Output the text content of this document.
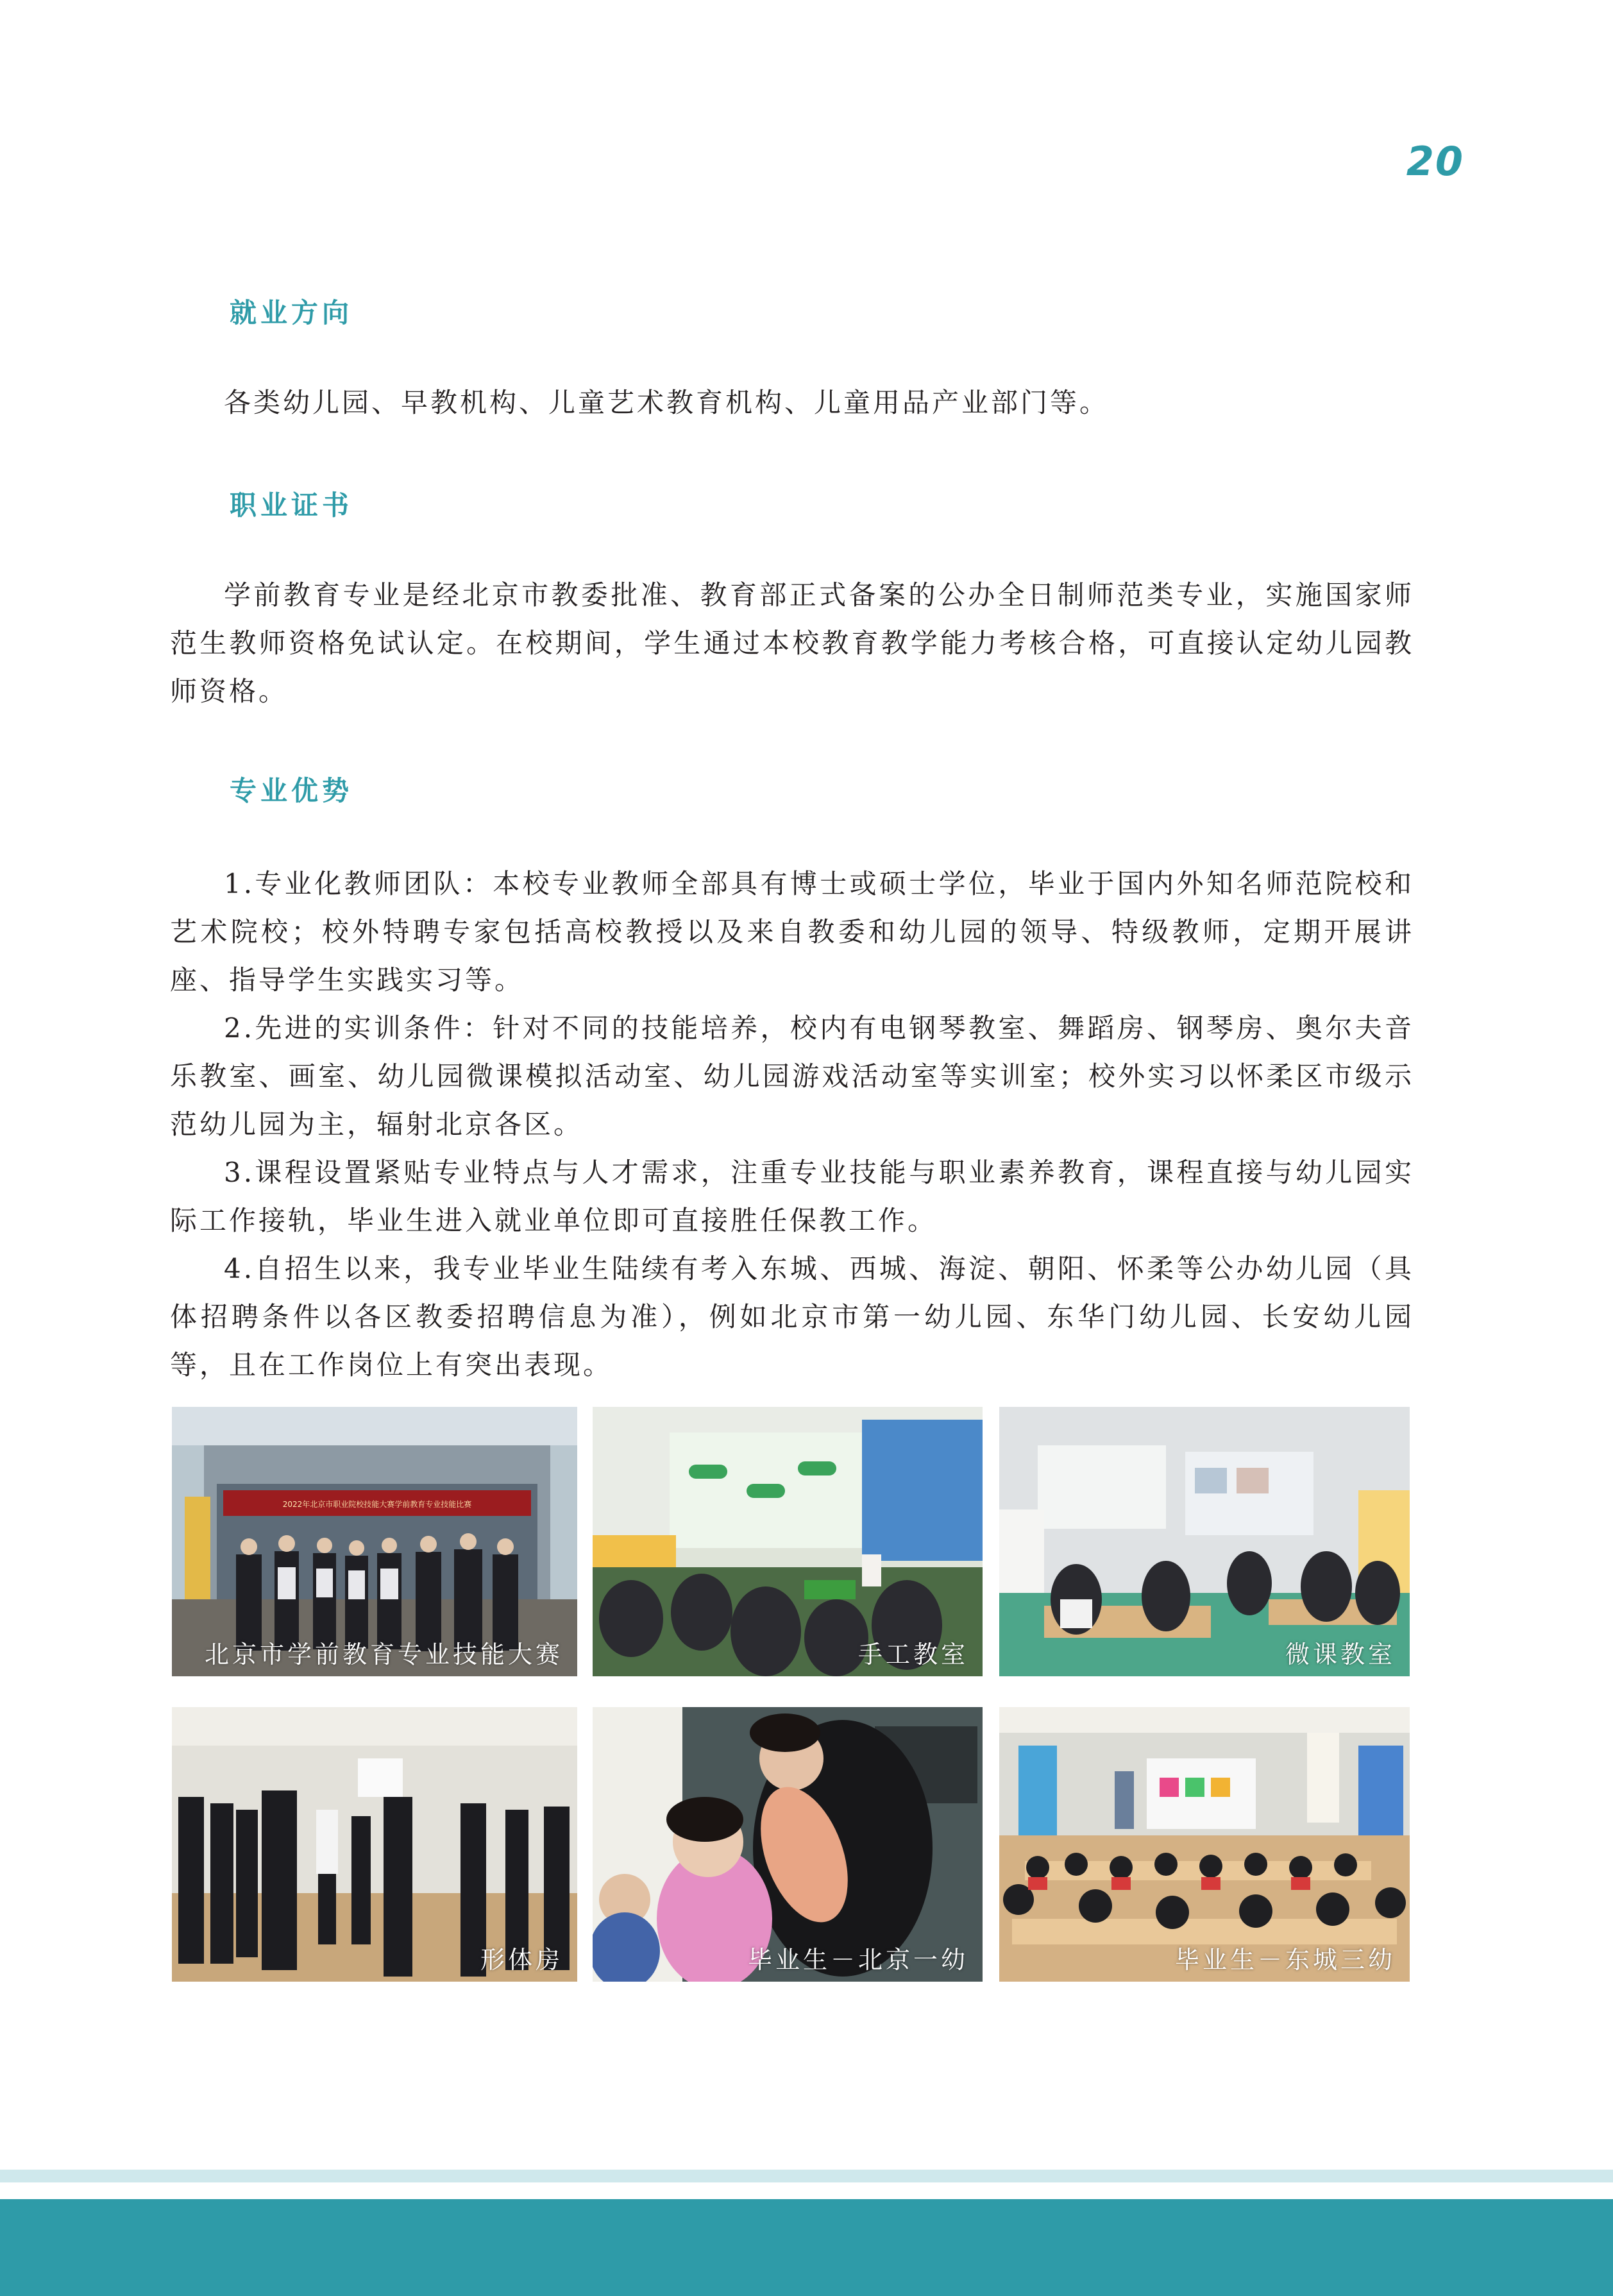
20
就业方向

各类幼儿园、早教机构、儿童艺术教育机构、儿童用品产业部门等。

职业证书

学前教育专业是经北京市教委批准、教育部正式备案的公办全日制师范类专业，实施国家师范生教师资格免试认定。在校期间，学生通过本校教育教学能力考核合格，可直接认定幼儿园教师资格。

专业优势

1.专业化教师团队：本校专业教师全部具有博士或硕士学位，毕业于国内外知名师范院校和艺术院校；校外特聘专家包括高校教授以及来自教委和幼儿园的领导、特级教师，定期开展讲座、指导学生实践实习等。

2.先进的实训条件：针对不同的技能培养，校内有电钢琴教室、舞蹈房、钢琴房、奥尔夫音乐教室、画室、幼儿园微课模拟活动室、幼儿园游戏活动室等实训室；校外实习以怀柔区市级示范幼儿园为主，辐射北京各区。

3.课程设置紧贴专业特点与人才需求，注重专业技能与职业素养教育，课程直接与幼儿园实际工作接轨，毕业生进入就业单位即可直接胜任保教工作。

4.自招生以来，我专业毕业生陆续有考入东城、西城、海淀、朝阳、怀柔等公办幼儿园（具体招聘条件以各区教委招聘信息为准），例如北京市第一幼儿园、东华门幼儿园、长安幼儿园等，且在工作岗位上有突出表现。

2022年北京市职业院校技能大赛学前教育专业技能比赛
北京市学前教育专业技能大赛	手工教室	微课教室
形体房	毕业生－北京一幼	毕业生－东城三幼
